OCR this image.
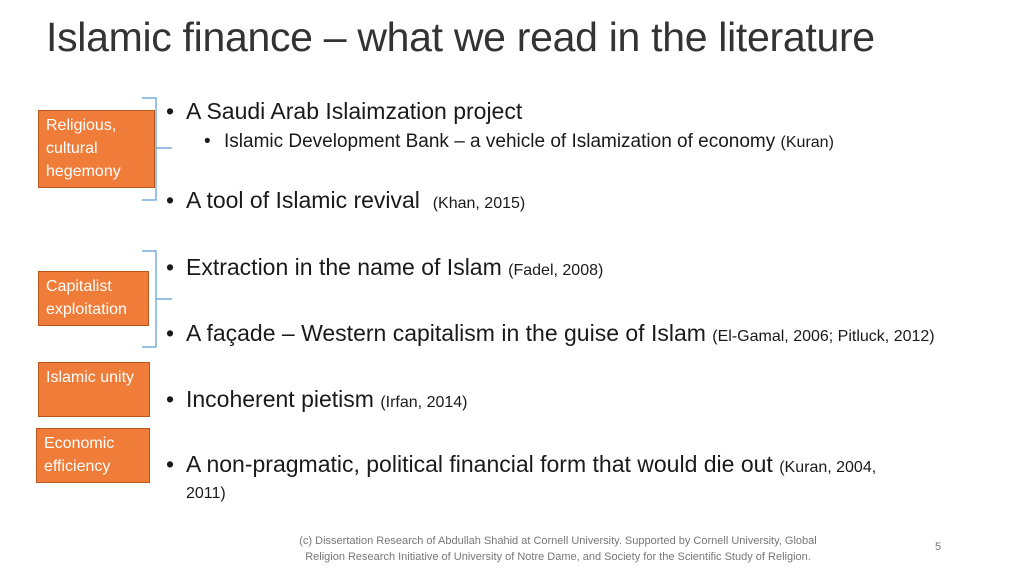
Islamic finance – what we read in the literature
Religious, cultural hegemony
Capitalist exploitation
Islamic unity
Economic efficiency
• A Saudi Arab Islaimzation project
• Islamic Development Bank – a vehicle of Islamization of economy (Kuran)
• A tool of Islamic revival (Khan, 2015)
• Extraction in the name of Islam (Fadel, 2008)
• A façade – Western capitalism in the guise of Islam (El-Gamal, 2006; Pitluck, 2012)
• Incoherent pietism (Irfan, 2014)
• A non-pragmatic, political financial form that would die out (Kuran, 2004,
2011)
(c) Dissertation Research of Abdullah Shahid at Cornell University. Supported by Cornell University, Global
Religion Research Initiative of University of Notre Dame, and Society for the Scientific Study of Religion.
5
